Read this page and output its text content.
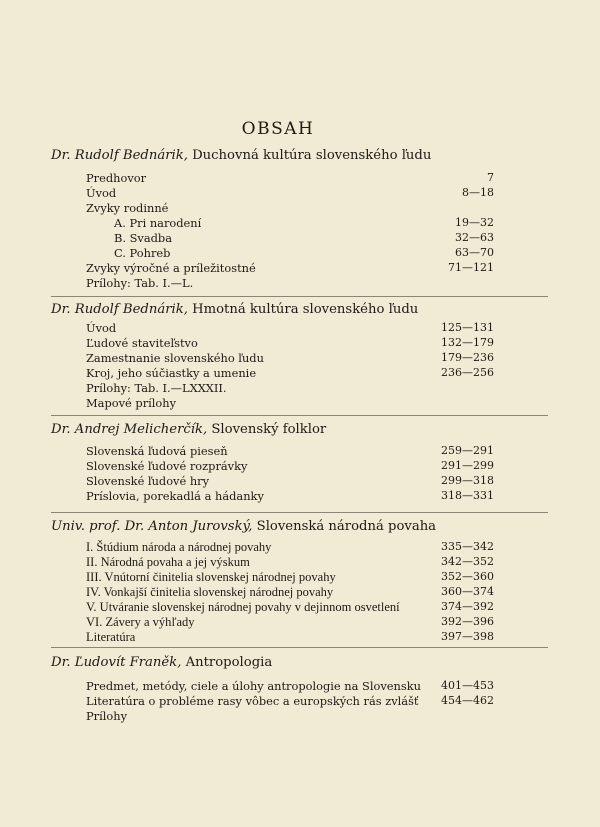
OBSAH
Dr. Rudolf Bednárik, Duchovná kultúra slovenského ľudu
Predhovor	7
Úvod	8—18
Zvyky rodinné
A. Pri narodení	19—32
B. Svadba	32—63
C. Pohreb	63—70
Zvyky výročné a príležitostné	71—121
Prílohy: Tab. I.—L.
Dr. Rudolf Bednárik, Hmotná kultúra slovenského ľudu
Úvod	125—131
Ľudové staviteľstvo	132—179
Zamestnanie slovenského ľudu	179—236
Kroj, jeho súčiastky a umenie	236—256
Prílohy: Tab. I.—LXXXII.
Mapové prílohy
Dr. Andrej Melicherčík, Slovenský folklor
Slovenská ľudová pieseň	259—291
Slovenské ľudové rozprávky	291—299
Slovenské ľudové hry	299—318
Príslovia, porekadlá a hádanky	318—331
Univ. prof. Dr. Anton Jurovský, Slovenská národná povaha
I. Štúdium národa a národnej povahy	335—342
II. Národná povaha a jej výskum	342—352
III. Vnútorní činitelia slovenskej národnej povahy	352—360
IV. Vonkajší činitelia slovenskej národnej povahy	360—374
V. Utváranie slovenskej národnej povahy v dejinnom osvetlení	374—392
VI. Závery a výhľady	392—396
Literatúra	397—398
Dr. Ľudovít Franěk, Antropologia
Predmet, metódy, ciele a úlohy antropologie na Slovensku 401—453
Literatúra o probléme rasy vôbec a europských rás zvlášť 454—462
Prílohy
